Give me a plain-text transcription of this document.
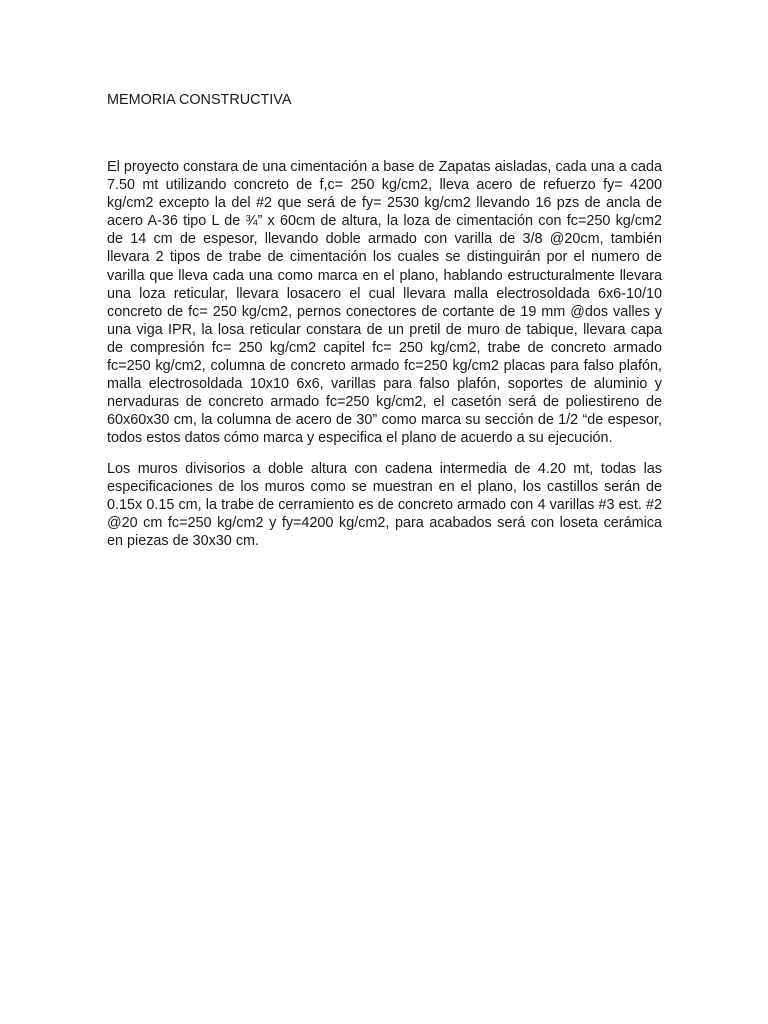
MEMORIA CONSTRUCTIVA

El proyecto constara de una cimentación a base de Zapatas aisladas, cada una a cada 7.50 mt utilizando concreto de f,c= 250 kg/cm2, lleva acero de refuerzo fy= 4200 kg/cm2 excepto la del #2 que será de fy= 2530 kg/cm2 llevando 16 pzs de ancla de acero A-36 tipo L de ¾” x 60cm de altura, la loza de cimentación con fc=250 kg/cm2 de 14 cm de espesor, llevando doble armado con varilla de 3/8 @20cm, también llevara 2 tipos de trabe de cimentación los cuales se distinguirán por el numero de varilla que lleva cada una como marca en el plano, hablando estructuralmente llevara una loza reticular, llevara losacero el cual llevara malla electrosoldada 6x6-10/10 concreto de fc= 250 kg/cm2, pernos conectores de cortante de 19 mm @dos valles y una viga IPR, la losa reticular constara de un pretil de muro de tabique, llevara capa de compresión fc= 250 kg/cm2 capitel fc= 250 kg/cm2, trabe de concreto armado fc=250 kg/cm2, columna de concreto armado fc=250 kg/cm2 placas para falso plafón, malla electrosoldada 10x10 6x6, varillas para falso plafón, soportes de aluminio y nervaduras de concreto armado fc=250 kg/cm2, el casetón será de poliestireno de 60x60x30 cm, la columna de acero de 30” como marca su sección de 1/2 “de espesor, todos estos datos cómo marca y especifica el plano de acuerdo a su ejecución.

Los muros divisorios a doble altura con cadena intermedia de 4.20 mt, todas las especificaciones de los muros como se muestran en el plano, los castillos serán de 0.15x 0.15 cm, la trabe de cerramiento es de concreto armado con 4 varillas #3 est. #2 @20 cm fc=250 kg/cm2 y fy=4200 kg/cm2, para acabados será con loseta cerámica en piezas de 30x30 cm.
